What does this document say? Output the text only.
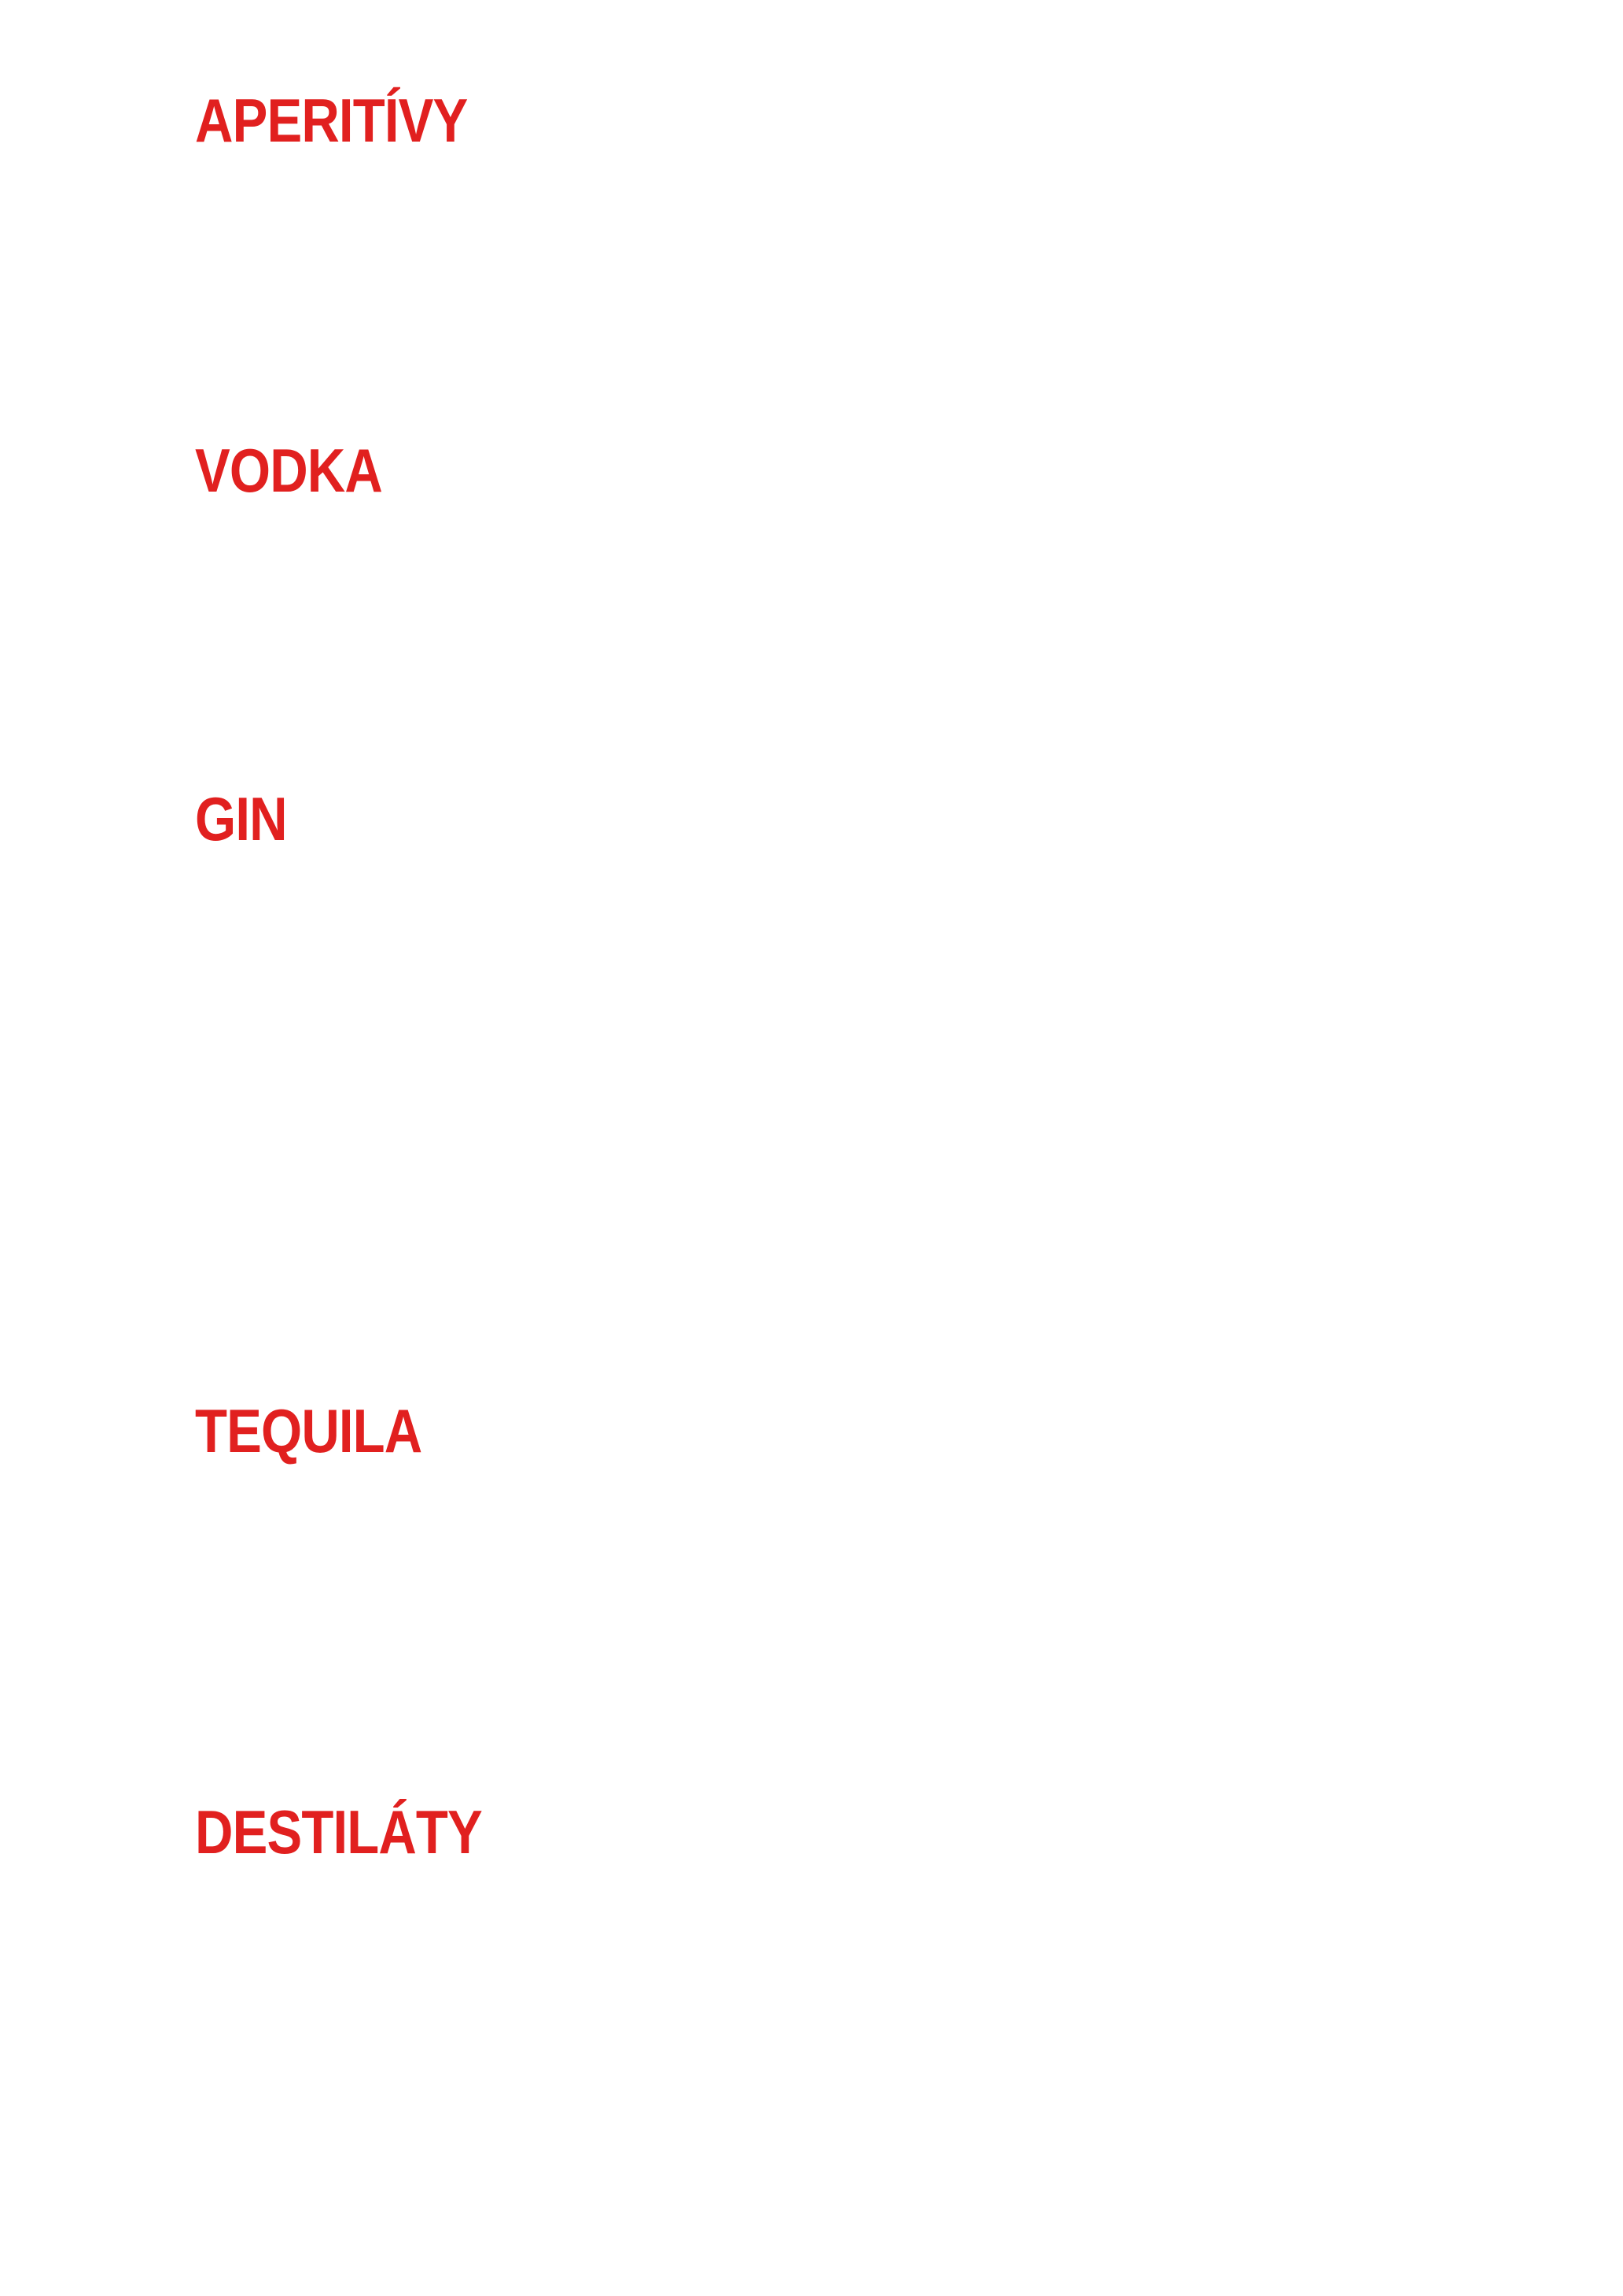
APERITÍVY
VODKA
GIN
TEQUILA
DESTILÁTY
